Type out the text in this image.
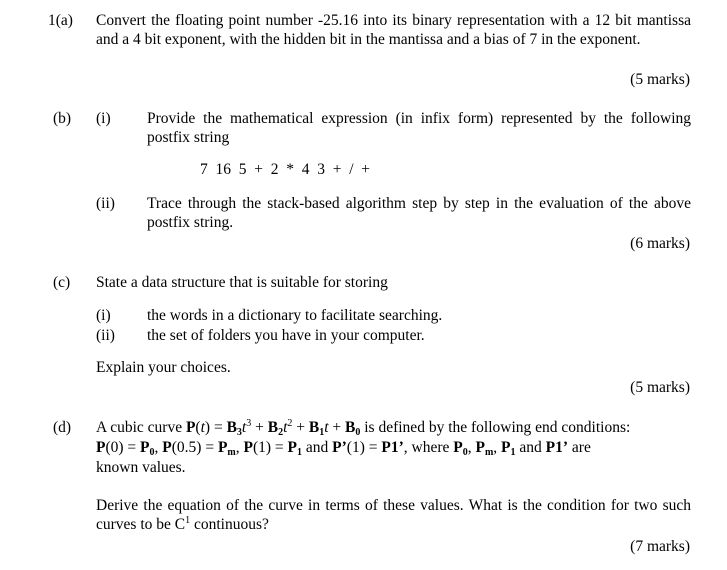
1(a) Convert the floating point number -25.16 into its binary representation with a 12 bit mantissa and a 4 bit exponent, with the hidden bit in the mantissa and a bias of 7 in the exponent.
(5 marks)
(b) (i) Provide the mathematical expression (in infix form) represented by the following postfix string
7  16  5  +  2  *  4  3  +  /  +
(ii) Trace through the stack-based algorithm step by step in the evaluation of the above postfix string.
(6 marks)
(c) State a data structure that is suitable for storing
(i) the words in a dictionary to facilitate searching.
(ii) the set of folders you have in your computer.
Explain your choices.
(5 marks)
(d) A cubic curve $P(t) = B_3t^3 + B_2t^2 + B_1t + B_0$ is defined by the following end conditions:
$P(0) = P_0$, $P(0.5) = P_m$, $P(1) = P_1$ and P’(1) = P1’, where $P_0$, $P_m$, $P_1$ and P1’ are
known values.
Derive the equation of the curve in terms of these values. What is the condition for two such curves to be $C^1$ continuous?
(7 marks)
